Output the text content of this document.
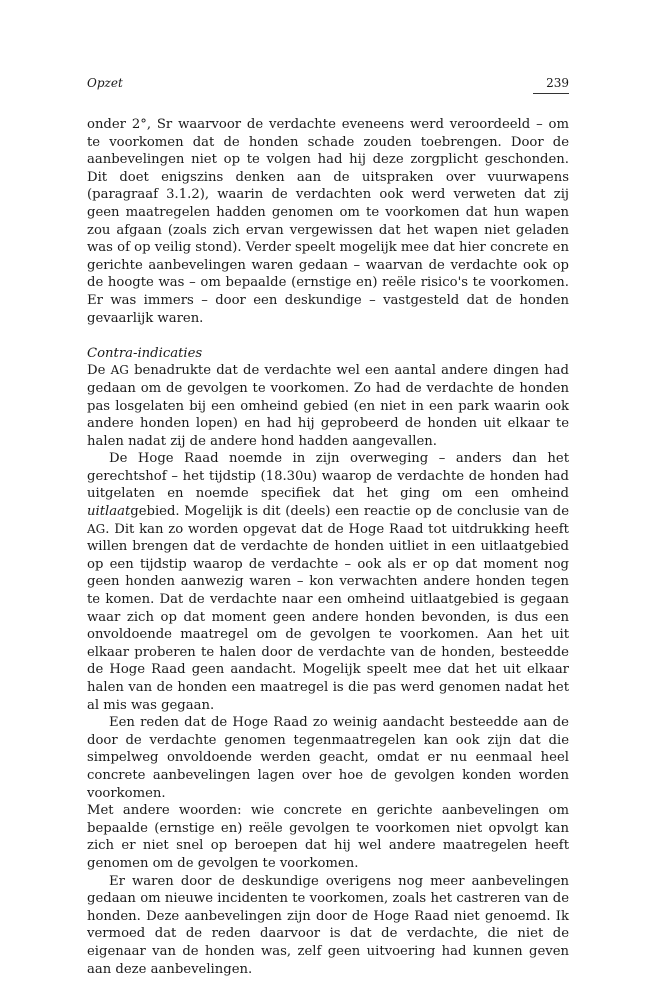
Opzet	239

onder 2°, Sr waarvoor de verdachte eveneens werd veroordeeld – om te voorkomen dat de honden schade zouden toebrengen. Door de aanbevelingen niet op te volgen had hij deze zorgplicht geschonden. Dit doet enigszins denken aan de uitspraken over vuurwapens (paragraaf 3.1.2), waarin de verdachten ook werd verweten dat zij geen maatregelen hadden genomen om te voorkomen dat hun wapen zou afgaan (zoals zich ervan vergewissen dat het wapen niet geladen was of op veilig stond). Verder speelt mogelijk mee dat hier concrete en gerichte aanbevelingen waren gedaan – waarvan de verdachte ook op de hoogte was – om bepaalde (ernstige en) reële risico's te voorkomen. Er was immers – door een deskundige – vastgesteld dat de honden gevaarlijk waren.

Contra-indicaties

De AG benadrukte dat de verdachte wel een aantal andere dingen had gedaan om de gevolgen te voorkomen. Zo had de verdachte de honden pas losgelaten bij een omheind gebied (en niet in een park waarin ook andere honden lopen) en had hij geprobeerd de honden uit elkaar te halen nadat zij de andere hond hadden aangevallen.

De Hoge Raad noemde in zijn overweging – anders dan het gerechtshof – het tijdstip (18.30u) waarop de verdachte de honden had uitgelaten en noemde specifiek dat het ging om een omheind uitlaatgebied. Mogelijk is dit (deels) een reactie op de conclusie van de AG. Dit kan zo worden opgevat dat de Hoge Raad tot uitdrukking heeft willen brengen dat de verdachte de honden uitliet in een uitlaatgebied op een tijdstip waarop de verdachte – ook als er op dat moment nog geen honden aanwezig waren – kon verwachten andere honden tegen te komen. Dat de verdachte naar een omheind uitlaatgebied is gegaan waar zich op dat moment geen andere honden bevonden, is dus een onvoldoende maatregel om de gevolgen te voorkomen. Aan het uit elkaar proberen te halen door de verdachte van de honden, besteedde de Hoge Raad geen aandacht. Mogelijk speelt mee dat het uit elkaar halen van de honden een maatregel is die pas werd genomen nadat het al mis was gegaan.

Een reden dat de Hoge Raad zo weinig aandacht besteedde aan de door de verdachte genomen tegenmaatregelen kan ook zijn dat die simpelweg onvoldoende werden geacht, omdat er nu eenmaal heel concrete aanbevelingen lagen over hoe de gevolgen konden worden voorkomen.

Met andere woorden: wie concrete en gerichte aanbevelingen om bepaalde (ernstige en) reële gevolgen te voorkomen niet opvolgt kan zich er niet snel op beroepen dat hij wel andere maatregelen heeft genomen om de gevolgen te voorkomen.

Er waren door de deskundige overigens nog meer aanbevelingen gedaan om nieuwe incidenten te voorkomen, zoals het castreren van de honden. Deze aanbevelingen zijn door de Hoge Raad niet genoemd. Ik vermoed dat de reden daarvoor is dat de verdachte, die niet de eigenaar van de honden was, zelf geen uitvoering had kunnen geven aan deze aanbevelingen.
